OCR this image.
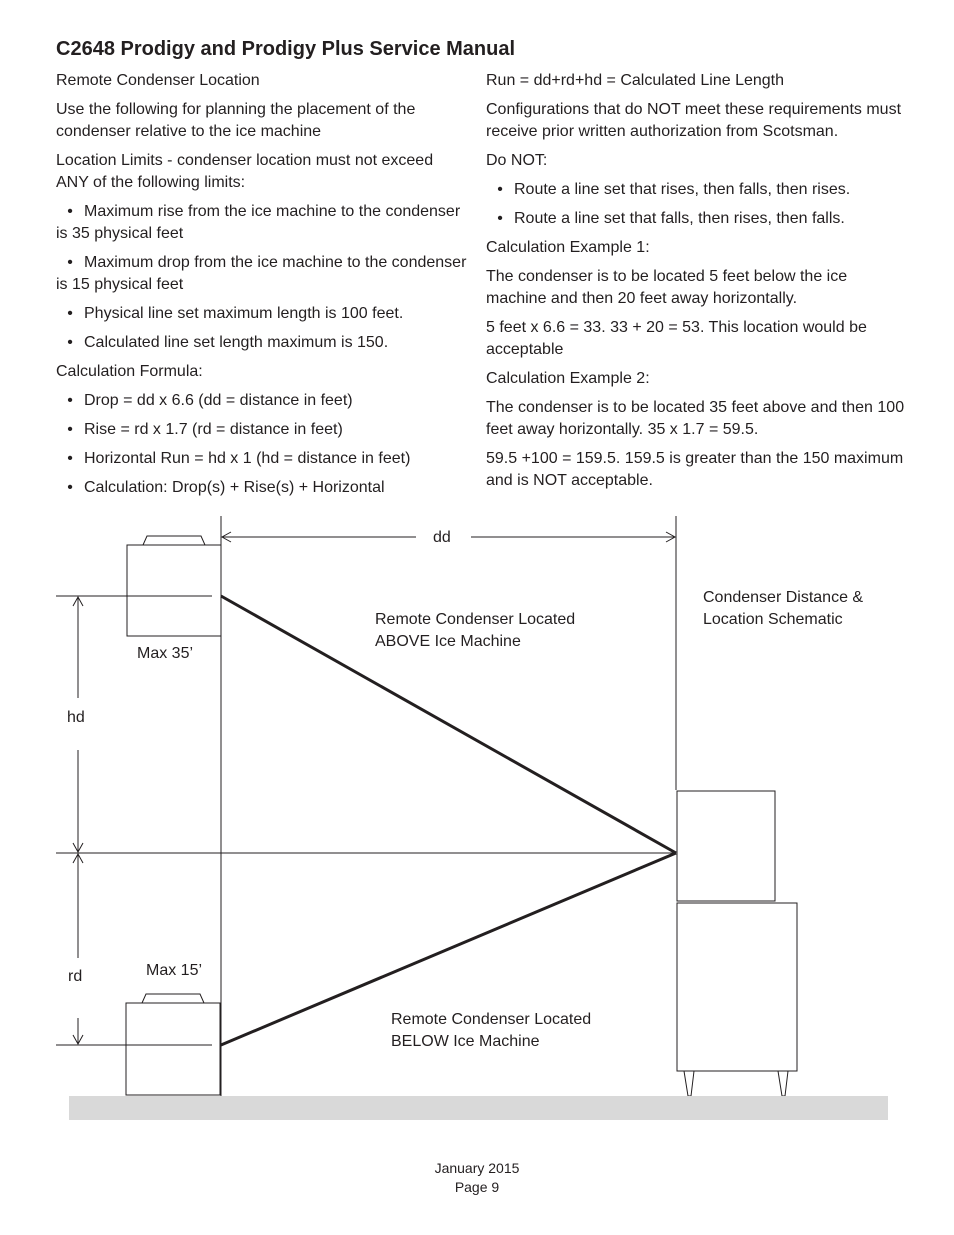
C2648 Prodigy and Prodigy Plus Service Manual

Remote Condenser Location

Use the following for planning the placement of the condenser relative to the ice machine

Location Limits - condenser location must not exceed ANY of the following limits:

• Maximum rise from the ice machine to the condenser is 35 physical feet
• Maximum drop from the ice machine to the condenser is 15 physical feet
• Physical line set maximum length is 100 feet.
• Calculated line set length maximum is 150.

Calculation Formula:

• Drop = dd x 6.6 (dd = distance in feet)
• Rise = rd x 1.7 (rd = distance in feet)
• Horizontal Run = hd x 1 (hd = distance in feet)
• Calculation: Drop(s) + Rise(s) + Horizontal

Run = dd+rd+hd = Calculated Line Length

Configurations that do NOT meet these requirements must receive prior written authorization from Scotsman.

Do NOT:

• Route a line set that rises, then falls, then rises.
• Route a line set that falls, then rises, then falls.

Calculation Example 1:

The condenser is to be located 5 feet below the ice machine and then 20 feet away horizontally.

5 feet x 6.6 = 33. 33 + 20 = 53. This location would be acceptable

Calculation Example 2:

The condenser is to be located 35 feet above and then 100 feet away horizontally. 35 x 1.7 = 59.5.

59.5 +100 = 159.5. 159.5 is greater than the 150 maximum and is NOT acceptable.

dd
hd
rd
Max 35’
Max 15’
Remote Condenser Located
ABOVE Ice Machine
Remote Condenser Located
BELOW Ice Machine
Condenser Distance &
Location Schematic
January 2015
Page 9
